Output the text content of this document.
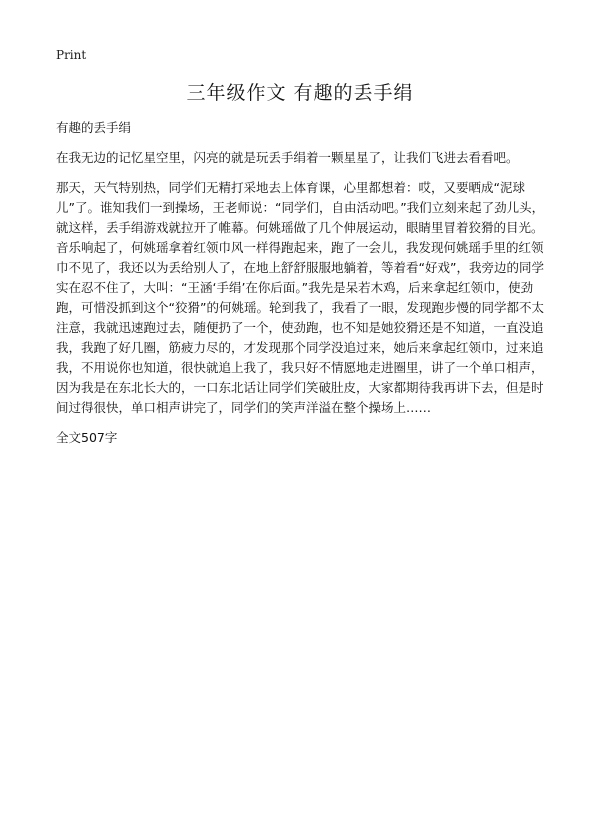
Print
三年级作文 有趣的丢手绢

有趣的丢手绢

在我无边的记忆星空里，闪亮的就是玩丢手绢着一颗星星了，让我们飞进去看看吧。

那天，天气特别热，同学们无精打采地去上体育课，心里都想着：哎，又要晒成“泥球儿”了。谁知我们一到操场，王老师说：“同学们，自由活动吧。”我们立刻来起了劲儿头，就这样，丢手绢游戏就拉开了帷幕。何姚瑶做了几个伸展运动，眼睛里冒着狡猾的目光。音乐响起了，何姚瑶拿着红领巾风一样得跑起来，跑了一会儿，我发现何姚瑶手里的红领巾不见了，我还以为丢给别人了，在地上舒舒服服地躺着，等着看“好戏”，我旁边的同学实在忍不住了，大叫：“王涵‘手绢’在你后面。”我先是呆若木鸡，后来拿起红领巾，使劲跑，可惜没抓到这个“狡猾”的何姚瑶。轮到我了，我看了一眼，发现跑步慢的同学都不太注意，我就迅速跑过去，随便扔了一个，使劲跑，也不知是她狡猾还是不知道，一直没追我，我跑了好几圈，筋疲力尽的，才发现那个同学没追过来，她后来拿起红领巾，过来追我，不用说你也知道，很快就追上我了，我只好不情愿地走进圈里，讲了一个单口相声，因为我是在东北长大的，一口东北话让同学们笑破肚皮，大家都期待我再讲下去，但是时间过得很快，单口相声讲完了，同学们的笑声洋溢在整个操场上……

全文507字
